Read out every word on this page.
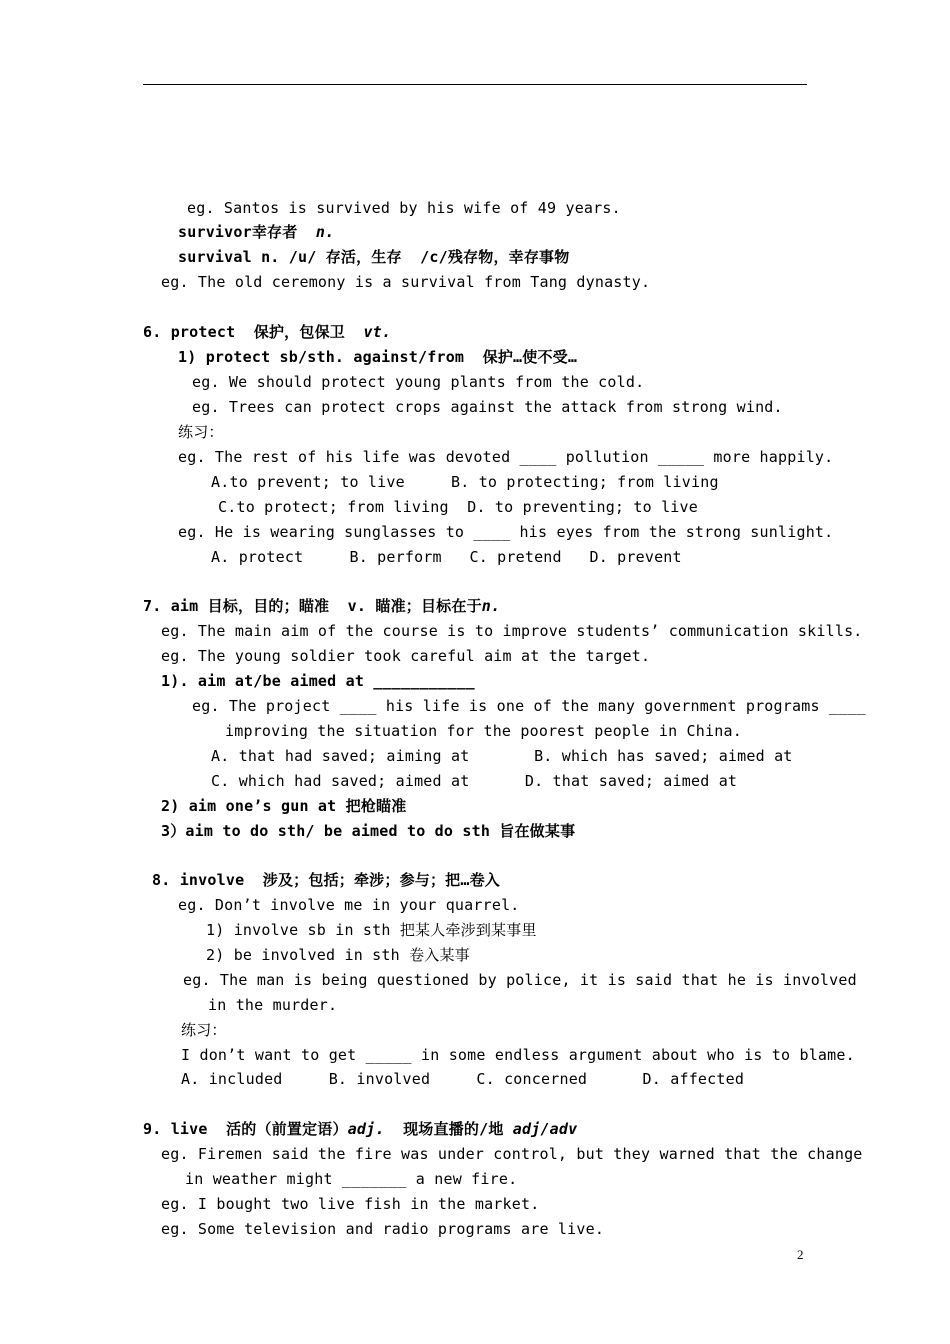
eg. Santos is survived by his wife of 49 years.
survivor幸存者  n.
survival n. /u/ 存活，生存  /c/残存物，幸存事物
eg. The old ceremony is a survival from Tang dynasty.
6. protect  保护，包保卫  vt.
1) protect sb/sth. against/from  保护…使不受…
eg. We should protect young plants from the cold.
eg. Trees can protect crops against the attack from strong wind.
练习：
eg. The rest of his life was devoted ____ pollution _____ more happily.
A.to prevent; to live     B. to protecting; from living
C.to protect; from living  D. to preventing; to live
eg. He is wearing sunglasses to ____ his eyes from the strong sunlight.
A. protect     B. perform   C. pretend   D. prevent
7. aim 目标，目的；瞄准  v. 瞄准；目标在于n.
eg. The main aim of the course is to improve students’ communication skills.
eg. The young soldier took careful aim at the target.
1). aim at/be aimed at ___________
eg. The project ____ his life is one of the many government programs ____
improving the situation for the poorest people in China.
A. that had saved; aiming at       B. which has saved; aimed at
C. which had saved; aimed at      D. that saved; aimed at
2) aim one’s gun at 把枪瞄准
3）aim to do sth/ be aimed to do sth 旨在做某事
8. involve  涉及；包括；牵涉；参与；把…卷入
eg. Don’t involve me in your quarrel.
1) involve sb in sth 把某人牵涉到某事里
2) be involved in sth 卷入某事
eg. The man is being questioned by police, it is said that he is involved
in the murder.
练习：
I don’t want to get _____ in some endless argument about who is to blame.
A. included     B. involved     C. concerned      D. affected
9. live  活的（前置定语）adj.  现场直播的/地 adj/adv
eg. Firemen said the fire was under control, but they warned that the change
in weather might _______ a new fire.
eg. I bought two live fish in the market.
eg. Some television and radio programs are live.
2
